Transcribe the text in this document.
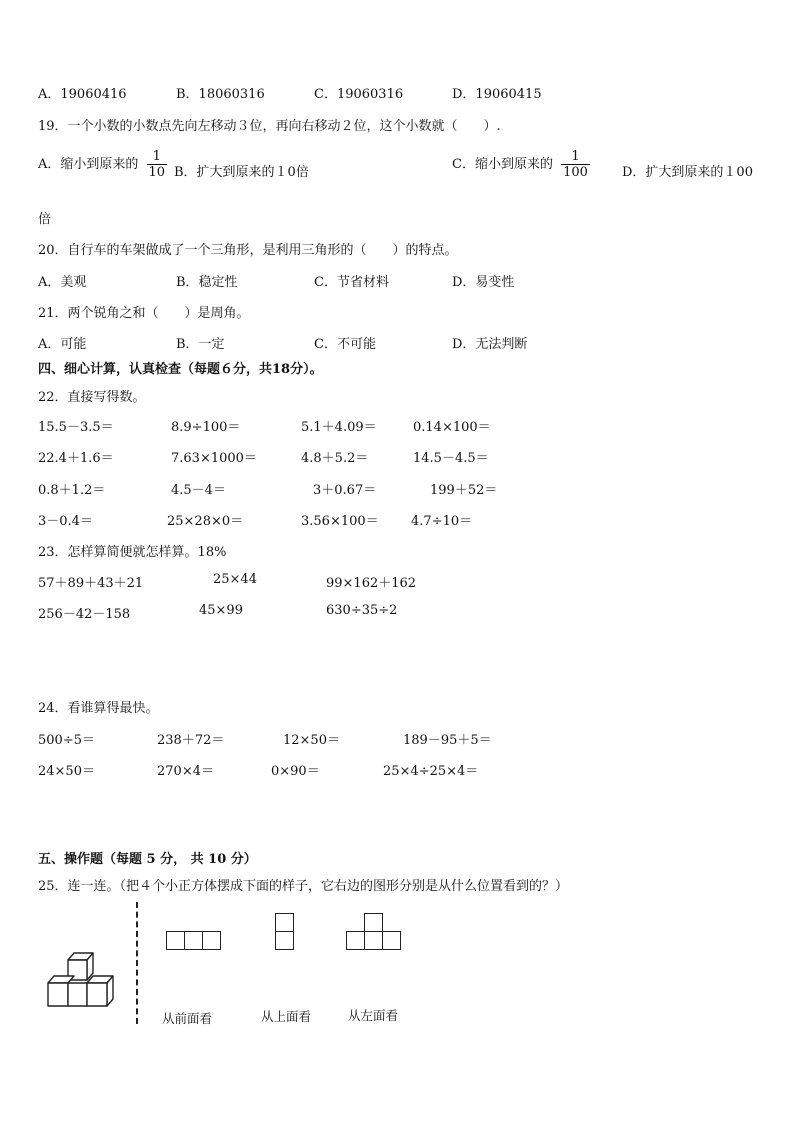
A．19060416	B．18060316	C．19060316	D．19060415
19．一个小数的小数点先向左移动３位，再向右移动２位，这个小数就（　　）.
A．缩小到原来的 $\frac{1}{10}$ B．扩大到原来的１0倍
C．缩小到原来的 $\frac{1}{100}$ D．扩大到原来的１00
倍
20．自行车的车架做成了一个三角形，是利用三角形的（　　）的特点。
A．美观	B．稳定性	C．节省材料	D．易变性
21．两个锐角之和（　　）是周角。
A．可能	B．一定	C．不可能	D．无法判断
四、细心计算，认真检查（每题６分，共18分）。
22．直接写得数。
15.5－3.5＝	8.9÷100＝	5.1＋4.09＝	0.14×100＝
22.4＋1.6＝	7.63×1000＝	4.8＋5.2＝	14.5－4.5＝
0.8＋1.2＝	4.5－4＝	3＋0.67＝	199＋52＝
3－0.4＝	25×28×0＝	3.56×100＝ 4.7÷10＝
23．怎样算简便就怎样算。18%
57＋89＋43＋21	25×44	99×162＋162
256－42－158	45×99	630÷35÷2
24．看谁算得最快。
500÷5＝	238＋72＝	12×50＝	189－95＋5＝
24×50＝	270×4＝	0×90＝	25×4÷25×4＝
五、操作题（每题 5 分， 共 10 分）
25．连一连。（把４个小正方体摆成下面的样子，它右边的图形分别是从什么位置看到的？）
从前面看	从上面看	从左面看
